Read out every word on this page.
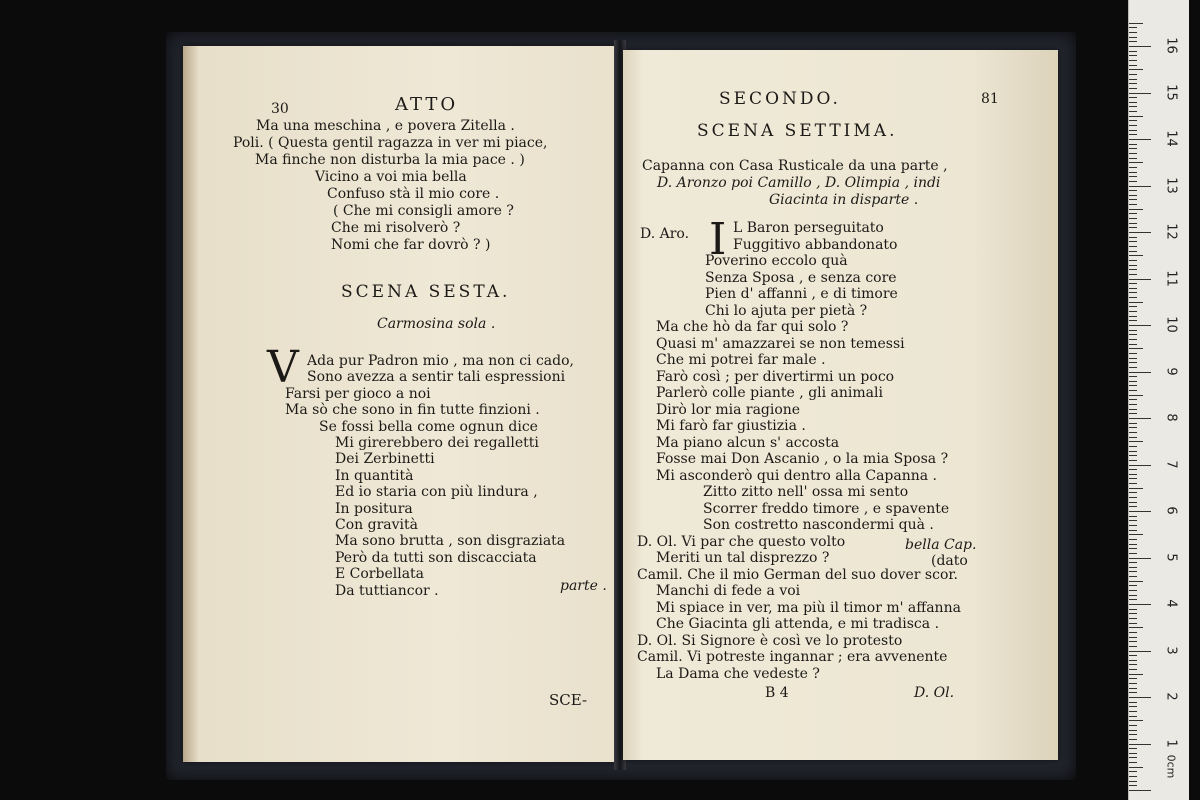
30	ATTO
Ma una meschina , e povera Zitella .
Poli. ( Questa gentil ragazza in ver mi piace,
Ma finche non disturba la mia pace . )
Vicino a voi mia bella
Confuso stà il mio core .
( Che mi consigli amore ?
Che mi risolverò ?
Nomi che far dovrò ? )
SCENA SESTA.
Carmosina sola .
V Ada pur Padron mio , ma non ci cado,
Sono avezza a sentir tali espressioni
Farsi per gioco a noi
Ma sò che sono in fin tutte finzioni .
Se fossi bella come ognun dice
Mi girerebbero dei regalletti
Dei Zerbinetti
In quantità
Ed io staria con più lindura ,
In positura
Con gravità
Ma sono brutta , son disgraziata
Però da tutti son discacciata
E Corbellata
Da tuttiancor .	parte .
SCE-
SECONDO.	81
SCENA SETTIMA.
Capanna con Casa Rusticale da una parte ,
D. Aronzo poi Camillo , D. Olimpia , indi
Giacinta in disparte .
D. Aro. I L Baron perseguitato
Fuggitivo abbandonato
Poverino eccolo quà
Senza Sposa , e senza core
Pien d' affanni , e di timore
Chi lo ajuta per pietà ?
Ma che hò da far qui solo ?
Quasi m' amazzarei se non temessi
Che mi potrei far male .
Farò così ; per divertirmi un poco
Parlerò colle piante , gli animali
Dirò lor mia ragione
Mi farò far giustizia .
Ma piano alcun s' accosta
Fosse mai Don Ascanio , o la mia Sposa ?
Mi asconderò qui dentro alla Capanna .
Zitto zitto nell' ossa mi sento
Scorrer freddo timore , e spavente
Son costretto nascondermi quà .
D. Ol. Vi par che questo volto
Meriti un tal disprezzo ?
Camil. Che il mio German del suo dover scor.
Manchi di fede a voi
Mi spiace in ver, ma più il timor m' affanna
Che Giacinta gli attenda, e mi tradisca .
D. Ol. Si Signore è così ve lo protesto
Camil. Vi potreste ingannar ; era avvenente
La Dama che vedeste ?
bella Cap.
(dato
B 4	D. Ol.
0cm
16
15
14
13
12
11
10
9
8
7
6
5
4
3
2
1
